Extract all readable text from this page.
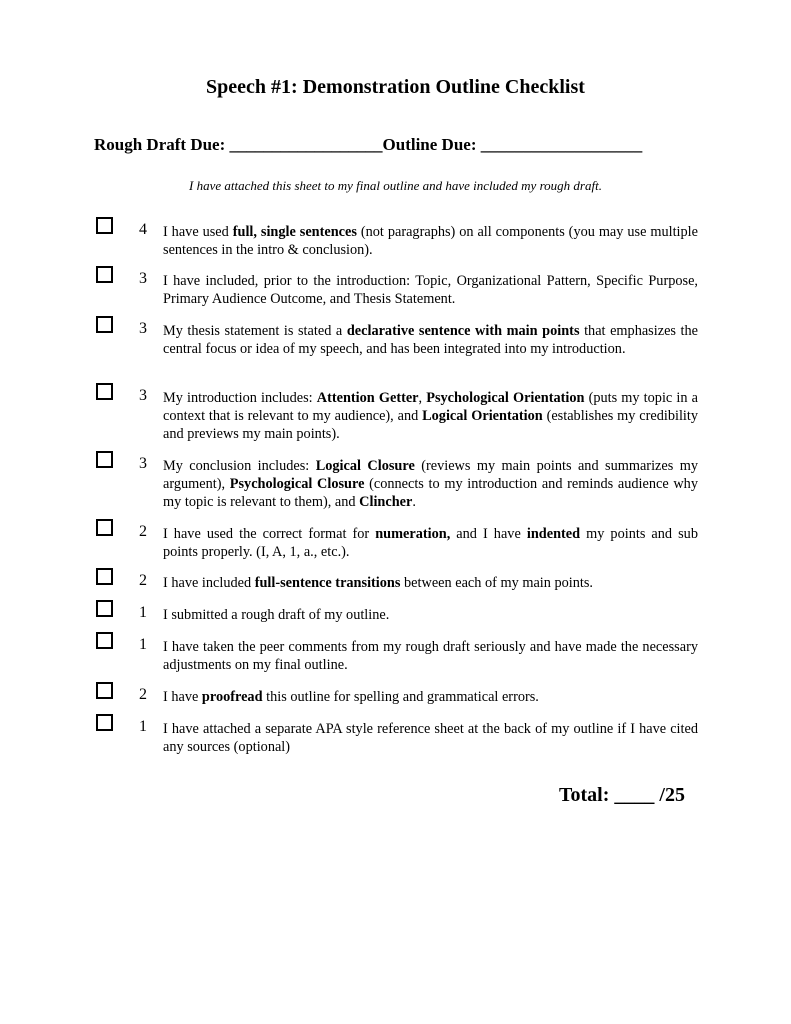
Speech #1: Demonstration Outline Checklist
Rough Draft Due: __________________Outline Due: ___________________
I have attached this sheet to my final outline and have included my rough draft.
4 I have used full, single sentences (not paragraphs) on all components (you may use multiple sentences in the intro & conclusion).
3 I have included, prior to the introduction: Topic, Organizational Pattern, Specific Purpose, Primary Audience Outcome, and Thesis Statement.
3 My thesis statement is stated a declarative sentence with main points that emphasizes the central focus or idea of my speech, and has been integrated into my introduction.
3 My introduction includes: Attention Getter, Psychological Orientation (puts my topic in a context that is relevant to my audience), and Logical Orientation (establishes my credibility and previews my main points).
3 My conclusion includes: Logical Closure (reviews my main points and summarizes my argument), Psychological Closure (connects to my introduction and reminds audience why my topic is relevant to them), and Clincher.
2 I have used the correct format for numeration, and I have indented my points and sub points properly. (I, A, 1, a., etc.).
2 I have included full-sentence transitions between each of my main points.
1 I submitted a rough draft of my outline.
1 I have taken the peer comments from my rough draft seriously and have made the necessary adjustments on my final outline.
2 I have proofread this outline for spelling and grammatical errors.
1 I have attached a separate APA style reference sheet at the back of my outline if I have cited any sources (optional)
Total: ____ /25
